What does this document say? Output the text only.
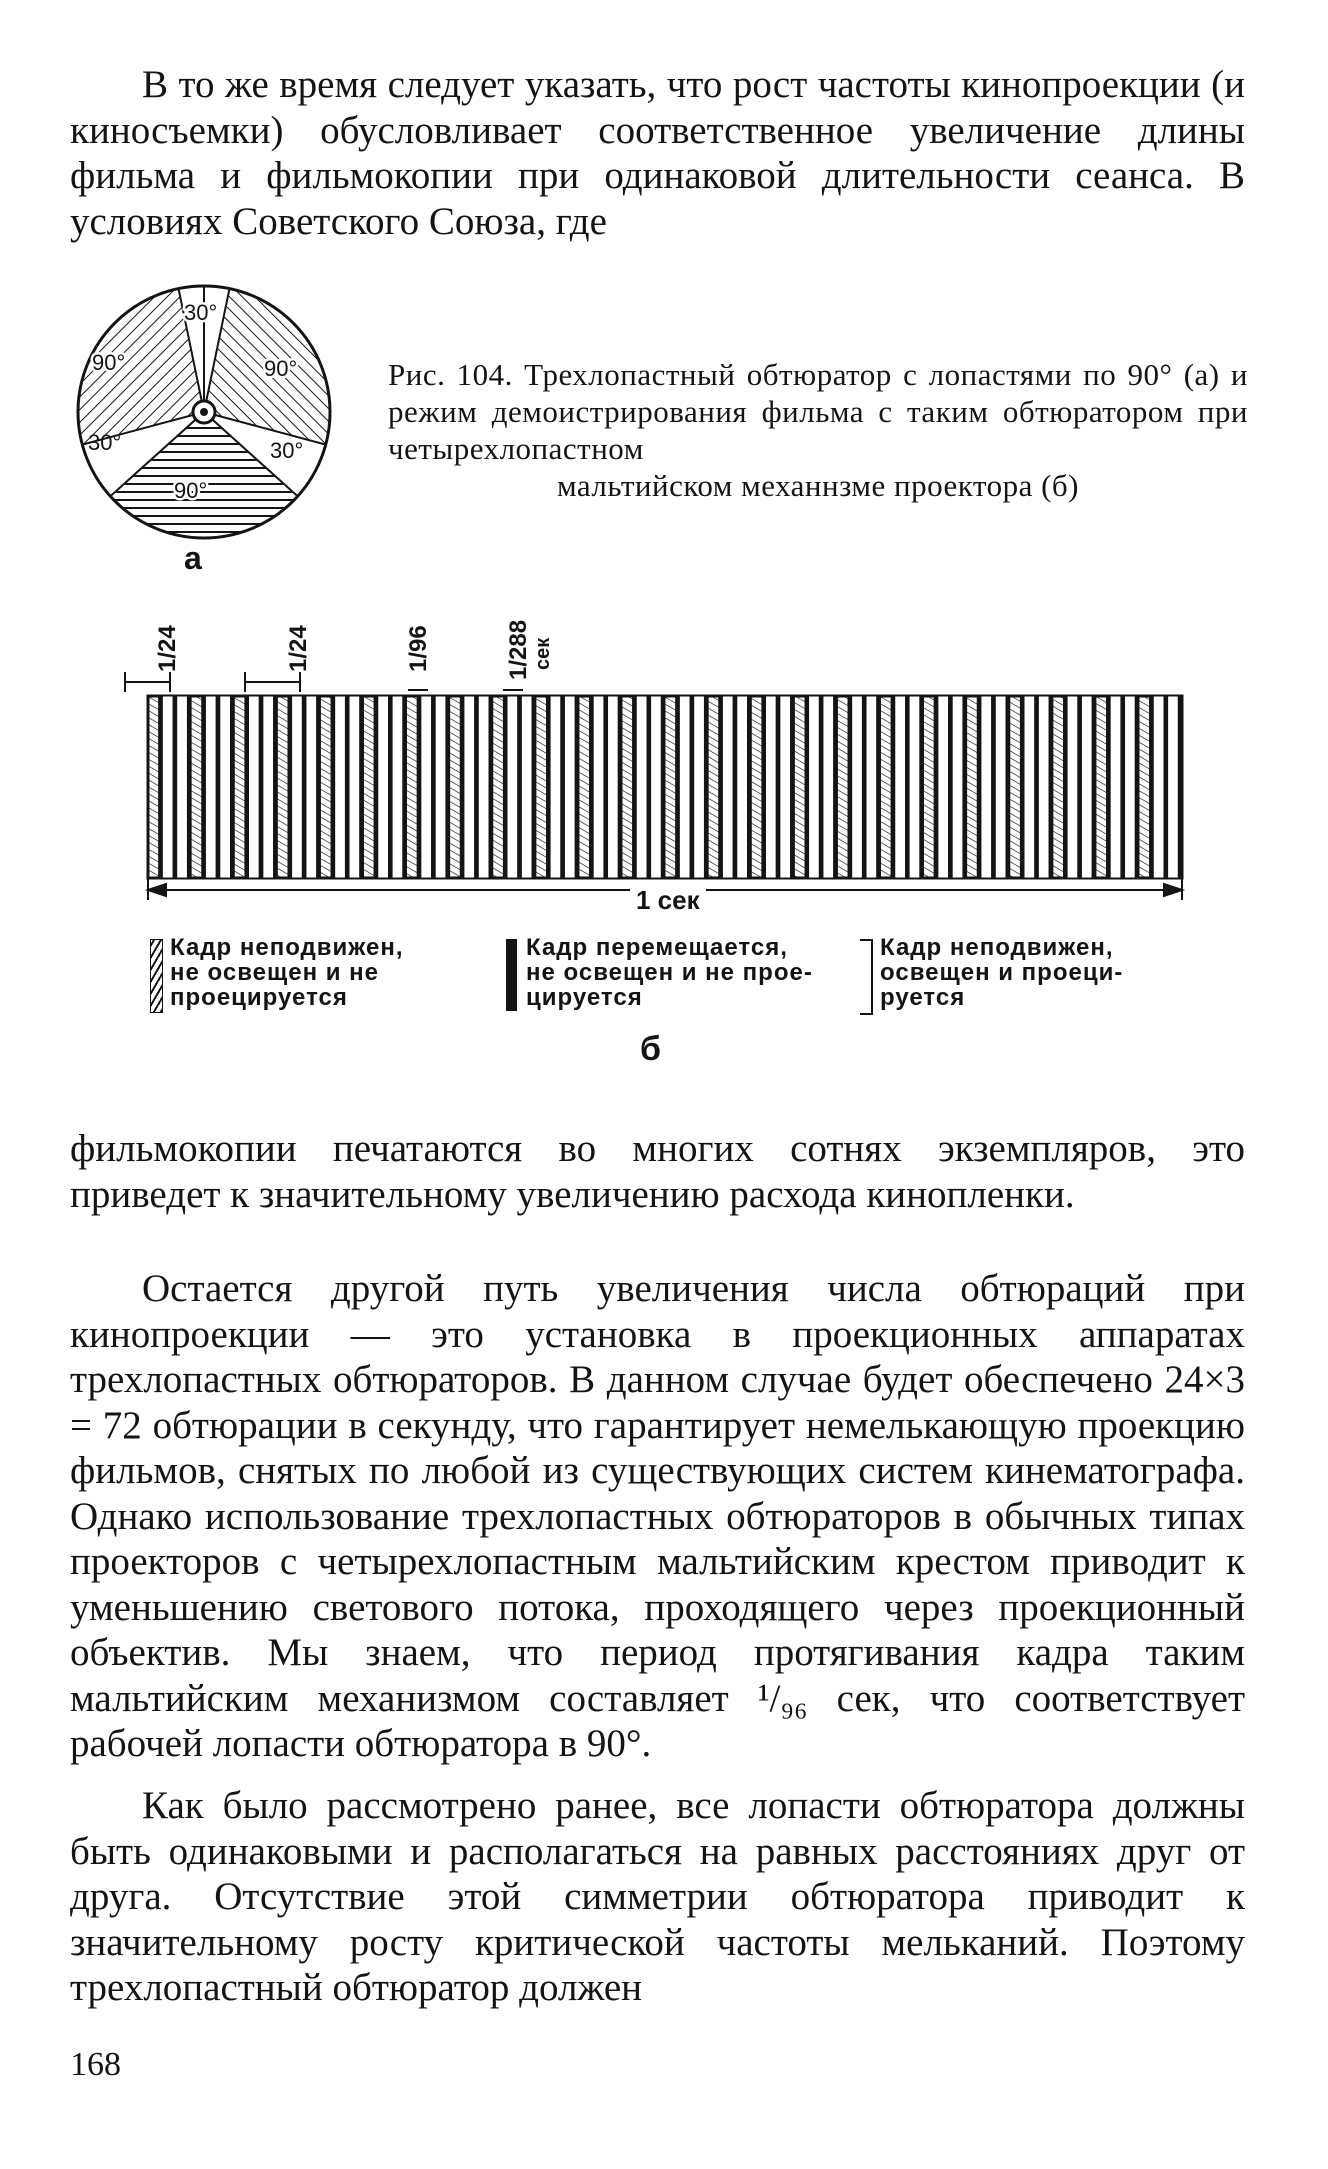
В то же время следует указать, что рост частоты кинопроекции (и киносъемки) обусловливает соответственное увеличение длины фильма и фильмокопии при одинаковой длительности сеанса. В условиях Советского Союза, где

30°
90°	90°
30°	30°
90°
а
Рис. 104. Трехлопастный обтюратор с лопастями по 90° (а) и режим демоистрирования фильма с таким обтюратором при четырехлопастном
мальтийском механнзме проектора (б)
1/24	1/24	1/96	1/288 сек
1 сек
Кадр неподвижен,
не освещен и не
проецируется
Кадр перемещается,
не освещен и не прое-
цируется
Кадр неподвижен,
освещен и проеци-
руется
б

фильмокопии печатаются во многих сотнях экземпляров, это приведет к значительному увеличению расхода кинопленки.

Остается другой путь увеличения числа обтюраций при кинопроекции — это установка в проекционных аппаратах трехлопастных обтюраторов. В данном случае будет обеспечено 24×3 = 72 обтюрации в секунду, что гарантирует немелькающую проекцию фильмов, снятых по любой из существующих систем кинематографа. Однако использование трехлопастных обтюраторов в обычных типах проекторов с четырехлопастным мальтийским крестом приводит к уменьшению светового потока, проходящего через проекционный объектив. Мы знаем, что период протягивания кадра таким мальтийским механизмом составляет ¹/₉₆ сек, что соответствует рабочей лопасти обтюратора в 90°.

Как было рассмотрено ранее, все лопасти обтюратора должны быть одинаковыми и располагаться на равных расстояниях друг от друга. Отсутствие этой симметрии обтюратора приводит к значительному росту критической частоты мельканий. Поэтому трехлопастный обтюратор должен

168
